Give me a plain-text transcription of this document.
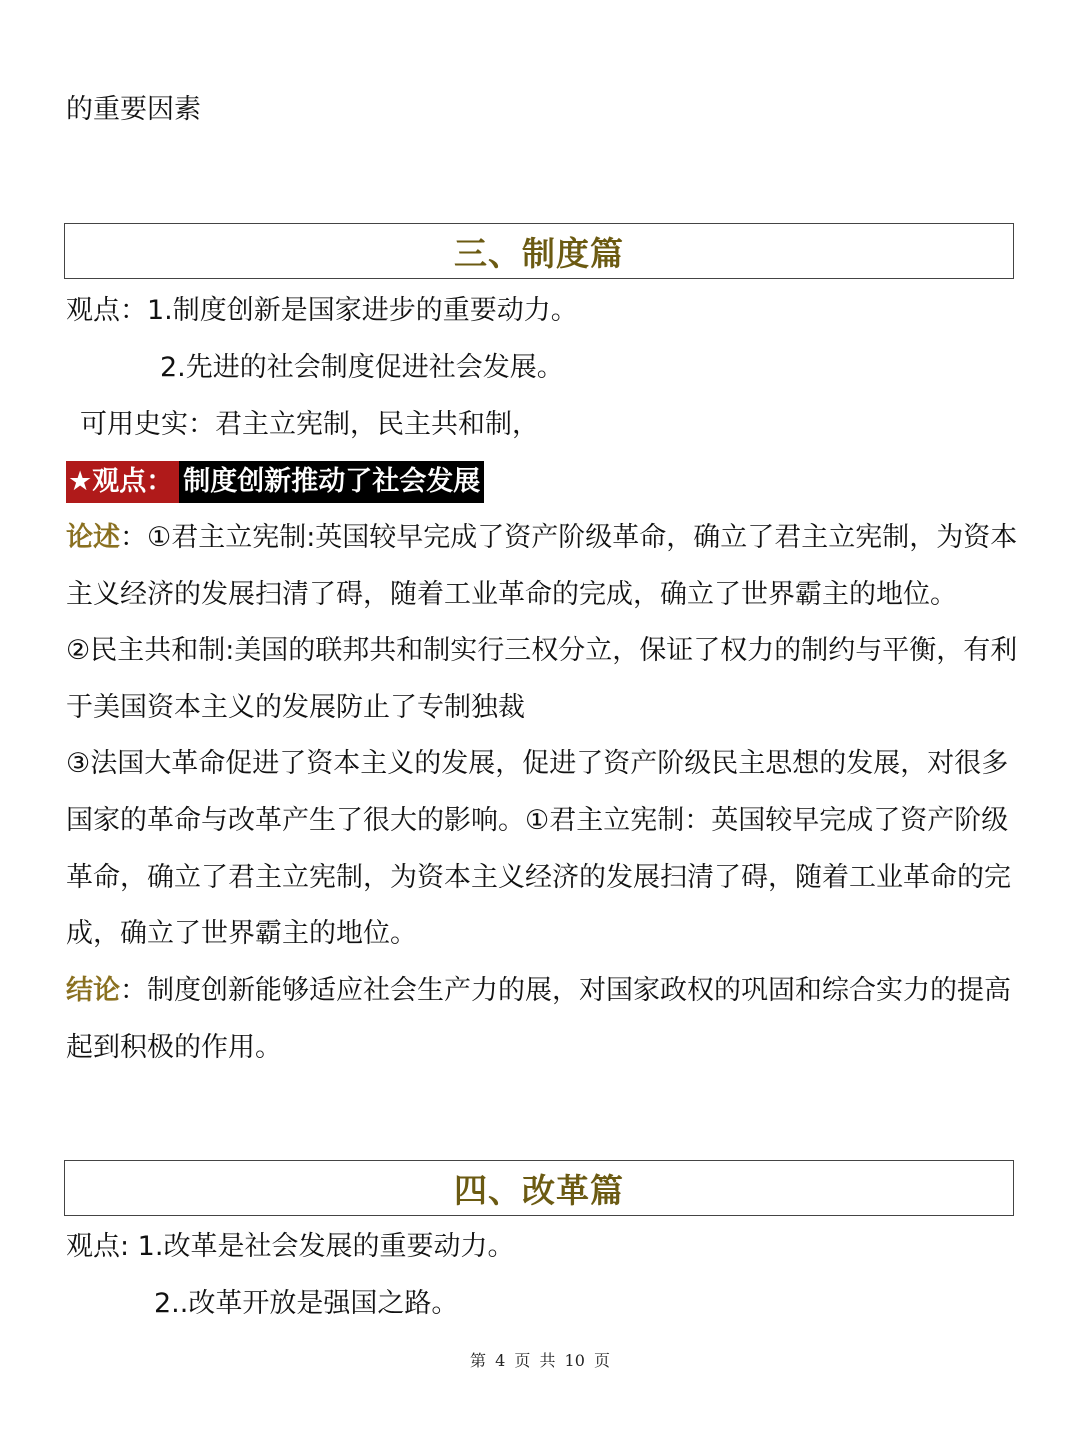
的重要因素
三、制度篇
观点：1.制度创新是国家进步的重要动力。
2.先进的社会制度促进社会发展。
可用史实：君主立宪制，民主共和制，
★观点： 制度创新推动了社会发展
论述：①君主立宪制:英国较早完成了资产阶级革命，确立了君主立宪制，为资本
主义经济的发展扫清了碍，随着工业革命的完成，确立了世界霸主的地位。
②民主共和制:美国的联邦共和制实行三权分立，保证了权力的制约与平衡，有利
于美国资本主义的发展防止了专制独裁
③法国大革命促进了资本主义的发展，促进了资产阶级民主思想的发展，对很多
国家的革命与改革产生了很大的影响。①君主立宪制：英国较早完成了资产阶级
革命，确立了君主立宪制，为资本主义经济的发展扫清了碍，随着工业革命的完
成，确立了世界霸主的地位。
结论：制度创新能够适应社会生产力的展，对国家政权的巩固和综合实力的提高
起到积极的作用。
四、改革篇
观点: 1.改革是社会发展的重要动力。
2..改革开放是强国之路。
第 4 页 共 10 页
